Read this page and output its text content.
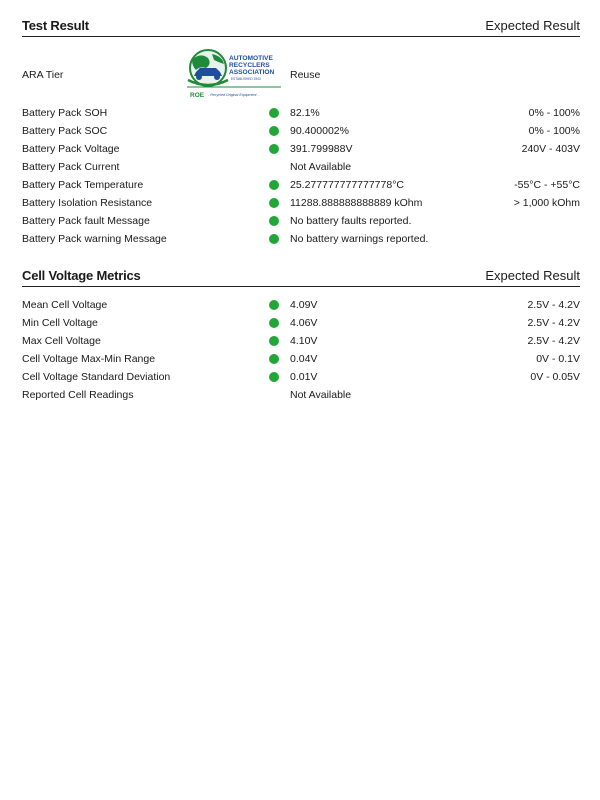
Test Result	Expected Result
ARA Tier	Reuse
AUTOMOTIVE
RECYCLERS
ASSOCIATION
ESTABLISHED 1943
ROE - Recycled Original Equipment -
Battery Pack SOH	82.1%	0% - 100%
Battery Pack SOC	90.400002%	0% - 100%
Battery Pack Voltage	391.799988V	240V - 403V
Battery Pack Current	Not Available
Battery Pack Temperature	25.277777777777778°C	-55°C - +55°C
Battery Isolation Resistance	11288.888888888889 kOhm	> 1,000 kOhm
Battery Pack fault Message	No battery faults reported.
Battery Pack warning Message	No battery warnings reported.
Cell Voltage Metrics	Expected Result
Mean Cell Voltage	4.09V	2.5V - 4.2V
Min Cell Voltage	4.06V	2.5V - 4.2V
Max Cell Voltage	4.10V	2.5V - 4.2V
Cell Voltage Max-Min Range	0.04V	0V - 0.1V
Cell Voltage Standard Deviation	0.01V	0V - 0.05V
Reported Cell Readings	Not Available
